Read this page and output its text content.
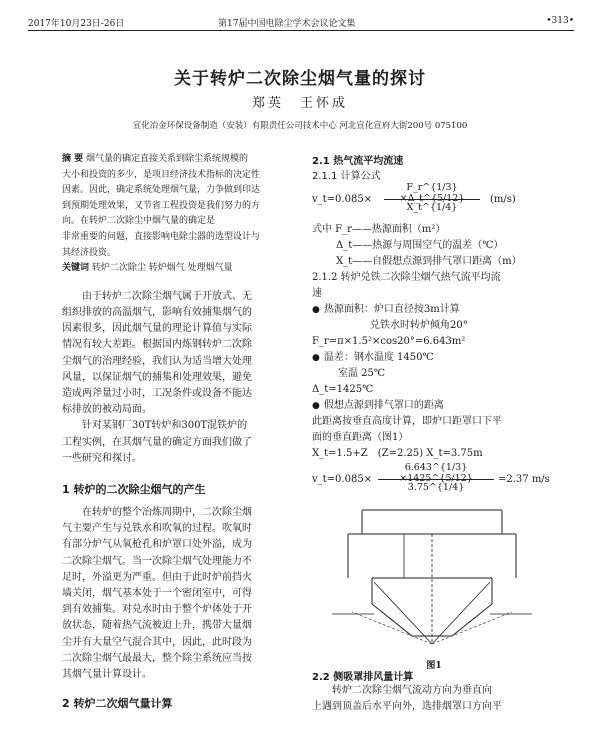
2017年10月23日-26日	第17届中国电除尘学术会议论文集	•313•
关于转炉二次除尘烟气量的探讨
郑英　王怀成
宣化冶金环保设备制造（安装）有限责任公司技术中心 河北宣化宣府大街200号 075100

摘 要 烟气量的确定直接关系到除尘系统规模的
大小和投资的多少，是项目经济技术指标的决定性
因素。因此，确定系统处理烟气量，力争做到印达
到预期处理效果，又节省工程投资是我们努力的方
向。在转炉二次除尘中烟气量的确定是
非常重要的问题，直接影响电除尘器的选型设计与
其经济投资。

关键词 转炉二次除尘 转炉烟气 处理烟气量

由于转炉二次除尘烟气属于开放式、无
组织排放的高温烟气，影响有效捕集烟气的
因素很多，因此烟气量的理论计算值与实际
情况有较大差距。根据国内炼钢转炉二次除
尘烟气的治理经验，我们认为适当增大处理
风量，以保证烟气的捕集和处理效果，避免
造成两斧量过小时，工况条件或设备不能达
标排放的被动局面。

针对某钢厂30T转炉和300T混铁炉的
工程实例，在其烟气量的确定方面我们做了
一些研究和探讨。

1 转炉的二次除尘烟气的产生

在转炉的整个冶炼周期中，二次除尘烟
气主要产生与兑铁水和吹氧的过程。吹氧时
有部分炉气从氧枪孔和炉罩口处外溢，成为
二次除尘烟气。当一次除尘烟气处理能力不
足时，外溢更为严重。但由于此时炉前挡火
墙关闭，烟气基本处于一个密闭室中，可得
到有效捕集。对兑水时由于整个炉体处于开
放状态，随着热气流被迫上升，携带大量烟
尘并有大量空气混合其中，因此，此时段为
二次除尘烟气最最大，整个除尘系统应当按
其烟气量计算设计。

2 转炉二次烟气量计算

2.1 热气流平均流速

2.1.1 计算公式

v_t=0.085×
F_r^{1/3}×Δ_t^{5/12}
X_t^{1/4}
(m/s)

式中 F_r——热源面积（m²）

Δ_t——热源与周围空气的温差（℃）

X_t——自假想点源到排气罩口距离（m）

2.1.2 转炉兑铁二次除尘烟气热气流平均流
速

● 热源面积：炉口直径按3m计算

兑铁水时转炉倾角20°

F_r=π×1.5²×cos20°=6.643m²

● 温差：钢水温度 1450℃

室温 25℃

Δ_t=1425℃

● 假想点源到排气罩口的距离

此距离按垂直高度计算，即炉口距罩口下平

面的垂直距离（图1）

X_t=1.5+Z　(Z=2.25) X_t=3.75m

v_t=0.085×
6.643^{1/3}×1425^{5/12}
3.75^{1/4}
=2.37 m/s

图1

2.2 侧吸罩排风量计算

转炉二次除尘烟气流动方向为垂直向
上遇到顶盖后水平向外，选排烟罩口方向平
